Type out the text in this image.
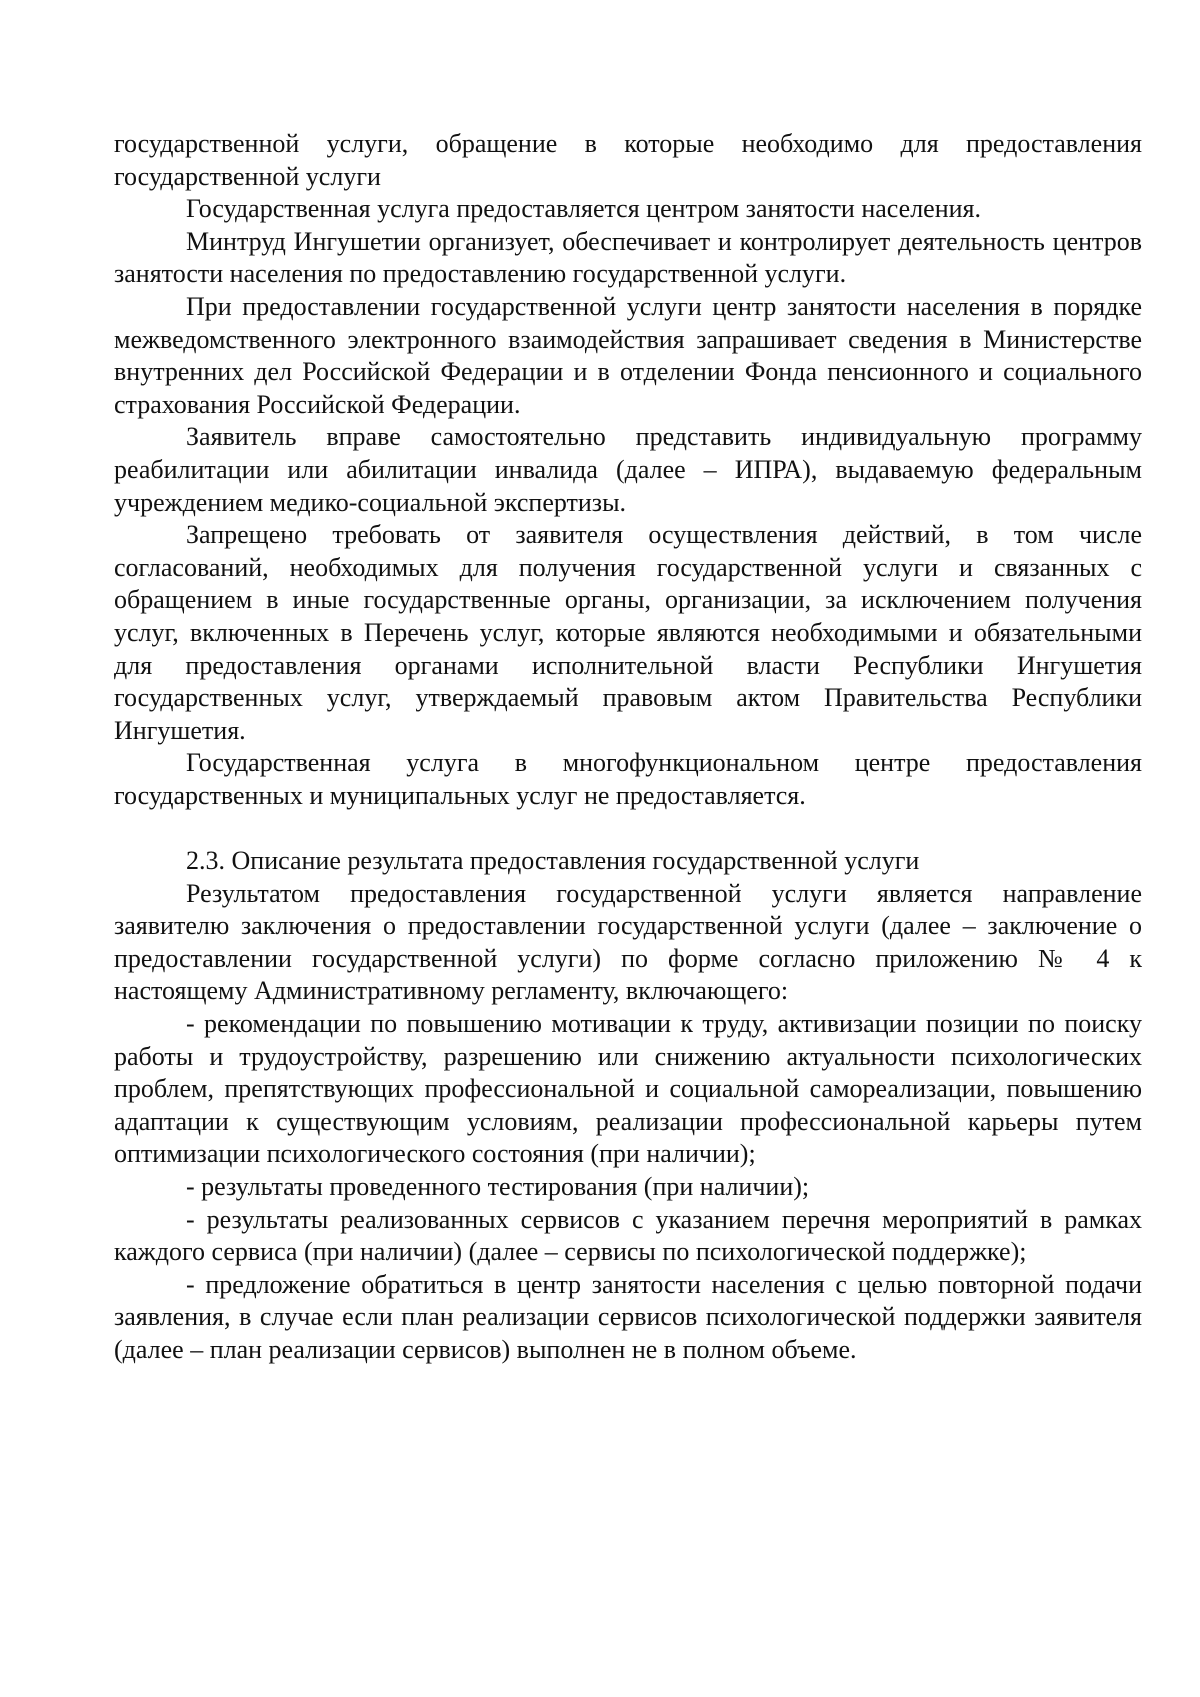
государственной услуги, обращение в которые необходимо для предоставления государственной услуги

Государственная услуга предоставляется центром занятости населения.

Минтруд Ингушетии организует, обеспечивает и контролирует деятельность центров занятости населения по предоставлению государственной услуги.

При предоставлении государственной услуги центр занятости населения в порядке межведомственного электронного взаимодействия запрашивает сведения в Министерстве внутренних дел Российской Федерации и в отделении Фонда пенсионного и социального страхования Российской Федерации.

Заявитель вправе самостоятельно представить индивидуальную программу реабилитации или абилитации инвалида (далее – ИПРА), выдаваемую федеральным учреждением медико-социальной экспертизы.

Запрещено требовать от заявителя осуществления действий, в том числе согласований, необходимых для получения государственной услуги и связанных с обращением в иные государственные органы, организации, за исключением получения услуг, включенных в Перечень услуг, которые являются необходимыми и обязательными для предоставления органами исполнительной власти Республики Ингушетия государственных услуг, утверждаемый правовым актом Правительства Республики Ингушетия.

Государственная услуга в многофункциональном центре предоставления государственных и муниципальных услуг не предоставляется.

2.3. Описание результата предоставления государственной услуги

Результатом предоставления государственной услуги является направление заявителю заключения о предоставлении государственной услуги (далее – заключение о предоставлении государственной услуги) по форме согласно приложению № 4 к настоящему Административному регламенту, включающего:

- рекомендации по повышению мотивации к труду, активизации позиции по поиску работы и трудоустройству, разрешению или снижению актуальности психологических проблем, препятствующих профессиональной и социальной самореализации, повышению адаптации к существующим условиям, реализации профессиональной карьеры путем оптимизации психологического состояния (при наличии);

- результаты проведенного тестирования (при наличии);

- результаты реализованных сервисов с указанием перечня мероприятий в рамках каждого сервиса (при наличии) (далее – сервисы по психологической поддержке);

- предложение обратиться в центр занятости населения с целью повторной подачи заявления, в случае если план реализации сервисов психологической поддержки заявителя (далее – план реализации сервисов) выполнен не в полном объеме.
